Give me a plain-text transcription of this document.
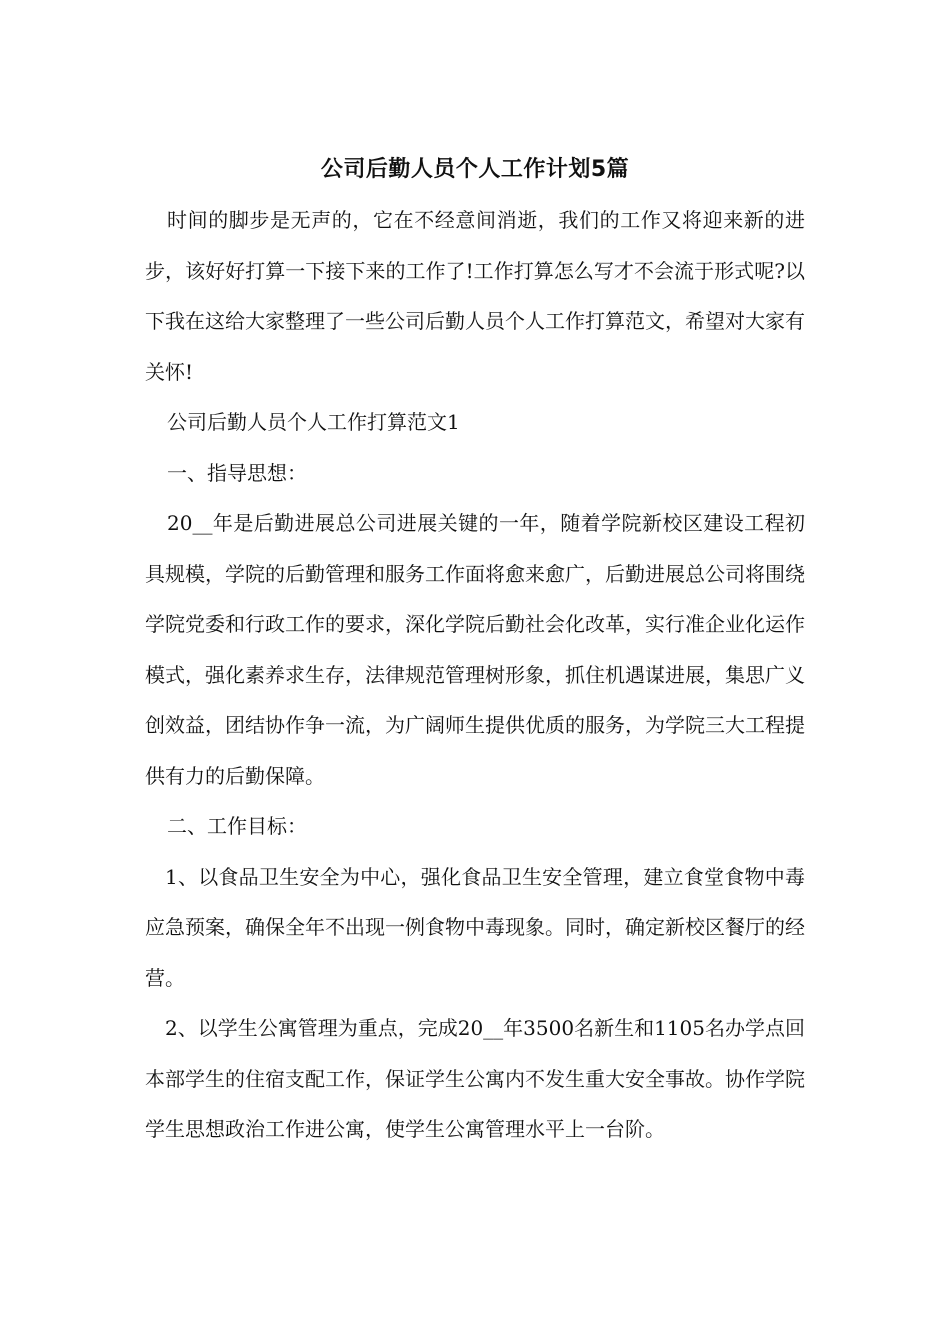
公司后勤人员个人工作计划5篇

时间的脚步是无声的，它在不经意间消逝，我们的工作又将迎来新的进步，该好好打算一下接下来的工作了!工作打算怎么写才不会流于形式呢?以下我在这给大家整理了一些公司后勤人员个人工作打算范文，希望对大家有关怀!

公司后勤人员个人工作打算范文1

一、指导思想：

20__年是后勤进展总公司进展关键的一年，随着学院新校区建设工程初具规模，学院的后勤管理和服务工作面将愈来愈广，后勤进展总公司将围绕学院党委和行政工作的要求，深化学院后勤社会化改革，实行准企业化运作模式，强化素养求生存，法律规范管理树形象，抓住机遇谋进展，集思广义创效益，团结协作争一流，为广阔师生提供优质的服务，为学院三大工程提供有力的后勤保障。

二、工作目标：

1、以食品卫生安全为中心，强化食品卫生安全管理，建立食堂食物中毒应急预案，确保全年不出现一例食物中毒现象。同时，确定新校区餐厅的经营。

2、以学生公寓管理为重点，完成20__年3500名新生和1105名办学点回本部学生的住宿支配工作，保证学生公寓内不发生重大安全事故。协作学院学生思想政治工作进公寓，使学生公寓管理水平上一台阶。
